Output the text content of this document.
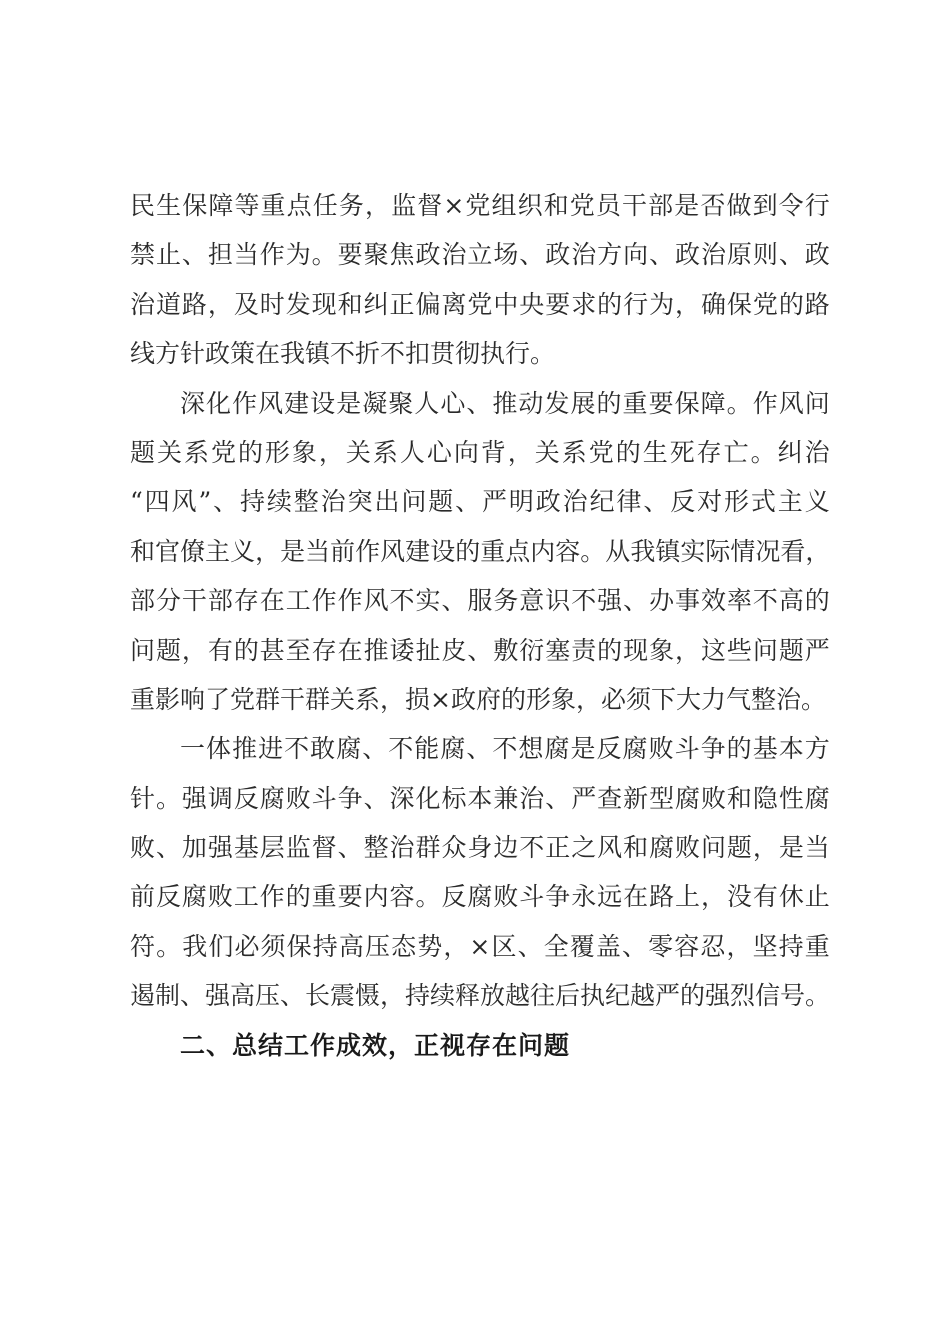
民 生 保 障 等 重 点 任 务 ， 监 督 × 党 组 织 和 党 员 干 部 是 否 做 到 令 行
禁 止 、 担 当 作 为 。 要 聚 焦 政 治 立 场 、 政 治 方 向 、 政 治 原 则 、 政
治 道 路 ， 及 时 发 现 和 纠 正 偏 离 党 中 央 要 求 的 行 为 ， 确 保 党 的 路
线方针政策在我镇不折不扣贯彻执行。
深 化 作 风 建 设 是 凝 聚 人 心 、 推 动 发 展 的 重 要 保 障 。 作 风 问
题 关 系 党 的 形 象 ， 关 系 人 心 向 背 ， 关 系 党 的 生 死 存 亡 。 纠 治
“ 四 风 ” 、 持 续 整 治 突 出 问 题 、 严 明 政 治 纪 律 、 反 对 形 式 主 义
和 官 僚 主 义 ， 是 当 前 作 风 建 设 的 重 点 内 容 。 从 我 镇 实 际 情 况 看 ，
部 分 干 部 存 在 工 作 作 风 不 实 、 服 务 意 识 不 强 、 办 事 效 率 不 高 的
问 题 ， 有 的 甚 至 存 在 推 诿 扯 皮 、 敷 衍 塞 责 的 现 象 ， 这 些 问 题 严
重影响了党群干群关系，损×政府的形象，必须下大力气整治。
一 体 推 进 不 敢 腐 、 不 能 腐 、 不 想 腐 是 反 腐 败 斗 争 的 基 本 方
针 。 强 调 反 腐 败 斗 争 、 深 化 标 本 兼 治 、 严 查 新 型 腐 败 和 隐 性 腐
败 、 加 强 基 层 监 督 、 整 治 群 众 身 边 不 正 之 风 和 腐 败 问 题 ， 是 当
前 反 腐 败 工 作 的 重 要 内 容 。 反 腐 败 斗 争 永 远 在 路 上 ， 没 有 休 止
符 。 我 们 必 须 保 持 高 压 态 势 ， × 区 、 全 覆 盖 、 零 容 忍 ， 坚 持 重
遏制、强高压、长震慑，持续释放越往后执纪越严的强烈信号。
二、总结工作成效，正视存在问题
